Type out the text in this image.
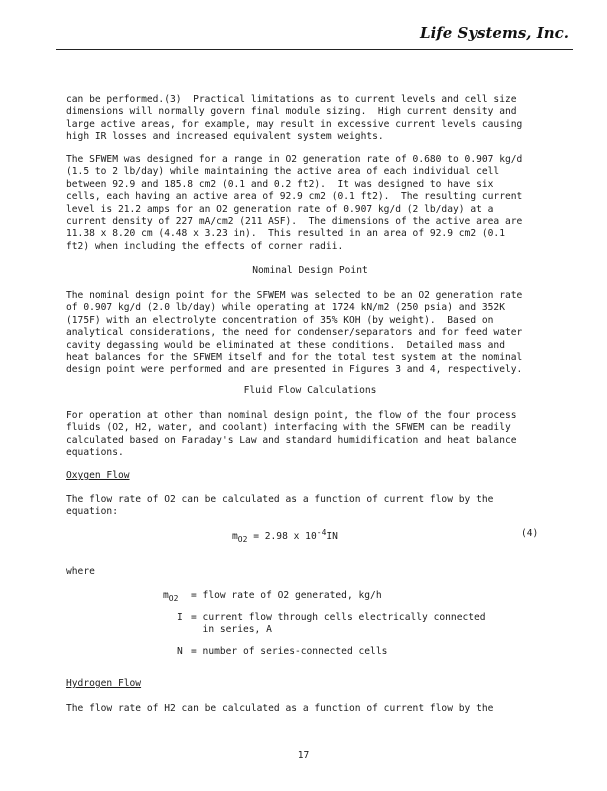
Life Systems, Inc.

can be performed.(3)  Practical limitations as to current levels and cell size

dimensions will normally govern final module sizing.  High current density and

large active areas, for example, may result in excessive current levels causing

high IR losses and increased equivalent system weights.

The SFWEM was designed for a range in O2 generation rate of 0.680 to 0.907 kg/d

(1.5 to 2 lb/day) while maintaining the active area of each individual cell

between 92.9 and 185.8 cm2 (0.1 and 0.2 ft2).  It was designed to have six

cells, each having an active area of 92.9 cm2 (0.1 ft2).  The resulting current

level is 21.2 amps for an O2 generation rate of 0.907 kg/d (2 lb/day) at a

current density of 227 mA/cm2 (211 ASF).  The dimensions of the active area are

11.38 x 8.20 cm (4.48 x 3.23 in).  This resulted in an area of 92.9 cm2 (0.1

ft2) when including the effects of corner radii.

Nominal Design Point

The nominal design point for the SFWEM was selected to be an O2 generation rate

of 0.907 kg/d (2.0 lb/day) while operating at 1724 kN/m2 (250 psia) and 352K

(175F) with an electrolyte concentration of 35% KOH (by weight).  Based on

analytical considerations, the need for condenser/separators and for feed water

cavity degassing would be eliminated at these conditions.  Detailed mass and

heat balances for the SFWEM itself and for the total test system at the nominal

design point were performed and are presented in Figures 3 and 4, respectively.

Fluid Flow Calculations

For operation at other than nominal design point, the flow of the four process

fluids (O2, H2, water, and coolant) interfacing with the SFWEM can be readily

calculated based on Faraday's Law and standard humidification and heat balance

equations.

Oxygen Flow

The flow rate of O2 can be calculated as a function of current flow by the

equation:

$m_{O2} = 2.98$ x $10^{-4}IN$	(4)
where
$m_{O2}$ = flow rate of O2 generated, kg/h
I = current flow through cells electrically connected
in series, A
N = number of series-connected cells
Hydrogen Flow

The flow rate of H2 can be calculated as a function of current flow by the

17
